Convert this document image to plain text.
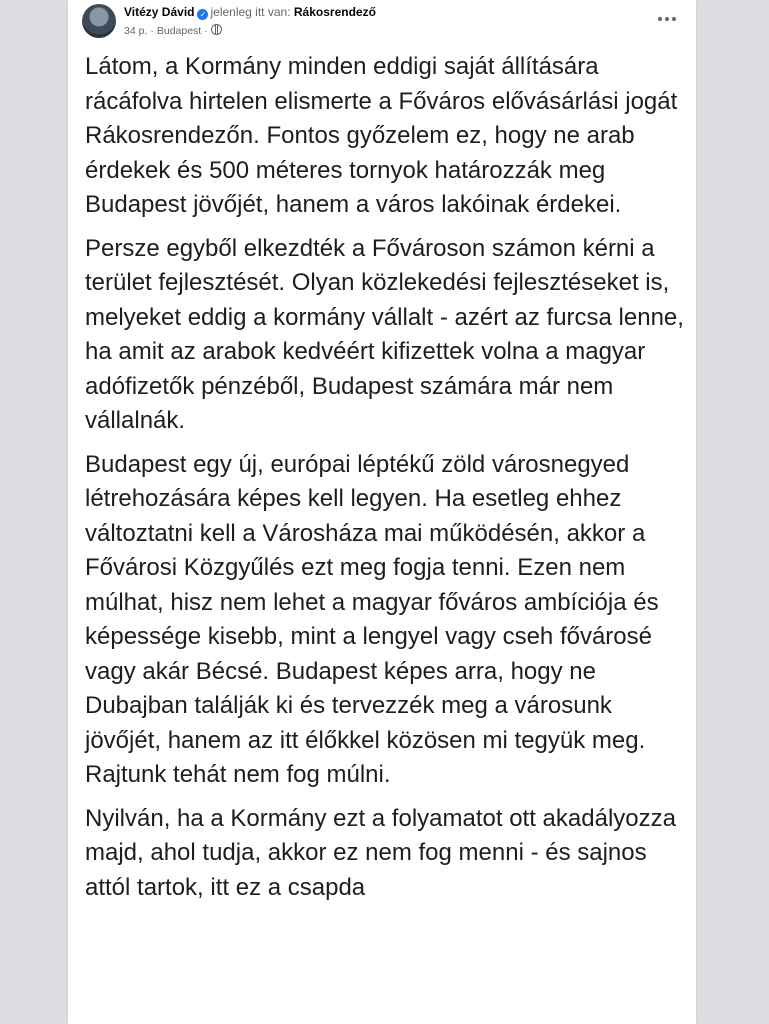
Vitézy Dávid ✓ jelenleg itt van: Rákosrendező
34 p. · Budapest ·

Látom, a Kormány minden eddigi saját állítására rácáfolva hirtelen elismerte a Főváros elővásárlási jogát Rákosrendezőn. Fontos győzelem ez, hogy ne arab érdekek és 500 méteres tornyok határozzák meg Budapest jövőjét, hanem a város lakóinak érdekei.

Persze egyből elkezdték a Fővároson számon kérni a terület fejlesztését. Olyan közlekedési fejlesztéseket is, melyeket eddig a kormány vállalt - azért az furcsa lenne, ha amit az arabok kedvéért kifizettek volna a magyar adófizetők pénzéből, Budapest számára már nem vállalnák.

Budapest egy új, európai léptékű zöld városnegyed létrehozására képes kell legyen. Ha esetleg ehhez változtatni kell a Városháza mai működésén, akkor a Fővárosi Közgyűlés ezt meg fogja tenni. Ezen nem múlhat, hisz nem lehet a magyar főváros ambíciója és képessége kisebb, mint a lengyel vagy cseh fővárosé vagy akár Bécsé. Budapest képes arra, hogy ne Dubajban találják ki és tervezzék meg a városunk jövőjét, hanem az itt élőkkel közösen mi tegyük meg. Rajtunk tehát nem fog múlni.

Nyilván, ha a Kormány ezt a folyamatot ott akadályozza majd, ahol tudja, akkor ez nem fog menni - és sajnos attól tartok, itt ez a csapda
